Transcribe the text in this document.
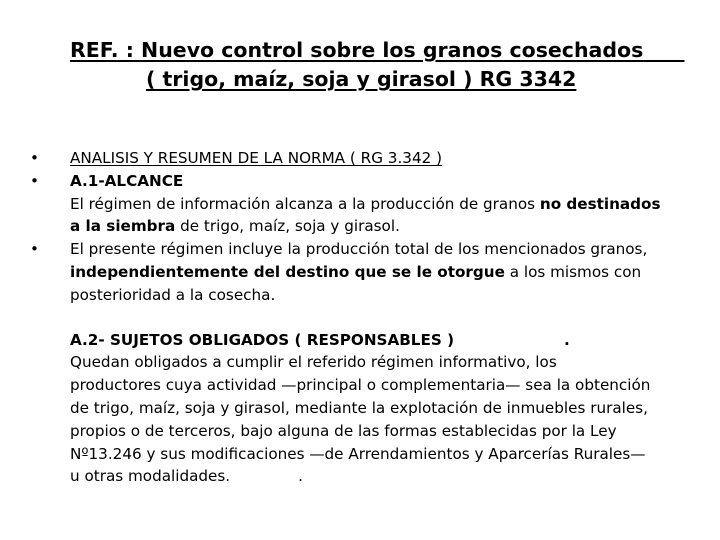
REF. : Nuevo control sobre los granos cosechados____
( trigo, maíz, soja y girasol ) RG 3342
• ANALISIS Y RESUMEN DE LA NORMA ( RG 3.342 )
• A.1-ALCANCE
El régimen de información alcanza a la producción de granos no destinados
a la siembra de trigo, maíz, soja y girasol.
• El presente régimen incluye la producción total de los mencionados granos,
independientemente del destino que se le otorgue a los mismos con
posterioridad a la cosecha.
A.2- SUJETOS OBLIGADOS ( RESPONSABLES )	.
Quedan obligados a cumplir el referido régimen informativo, los
productores cuya actividad —principal o complementaria— sea la obtención
de trigo, maíz, soja y girasol, mediante la explotación de inmuebles rurales,
propios o de terceros, bajo alguna de las formas establecidas por la Ley
Nº13.246 y sus modificaciones —de Arrendamientos y Aparcerías Rurales—
u otras modalidades.	.
